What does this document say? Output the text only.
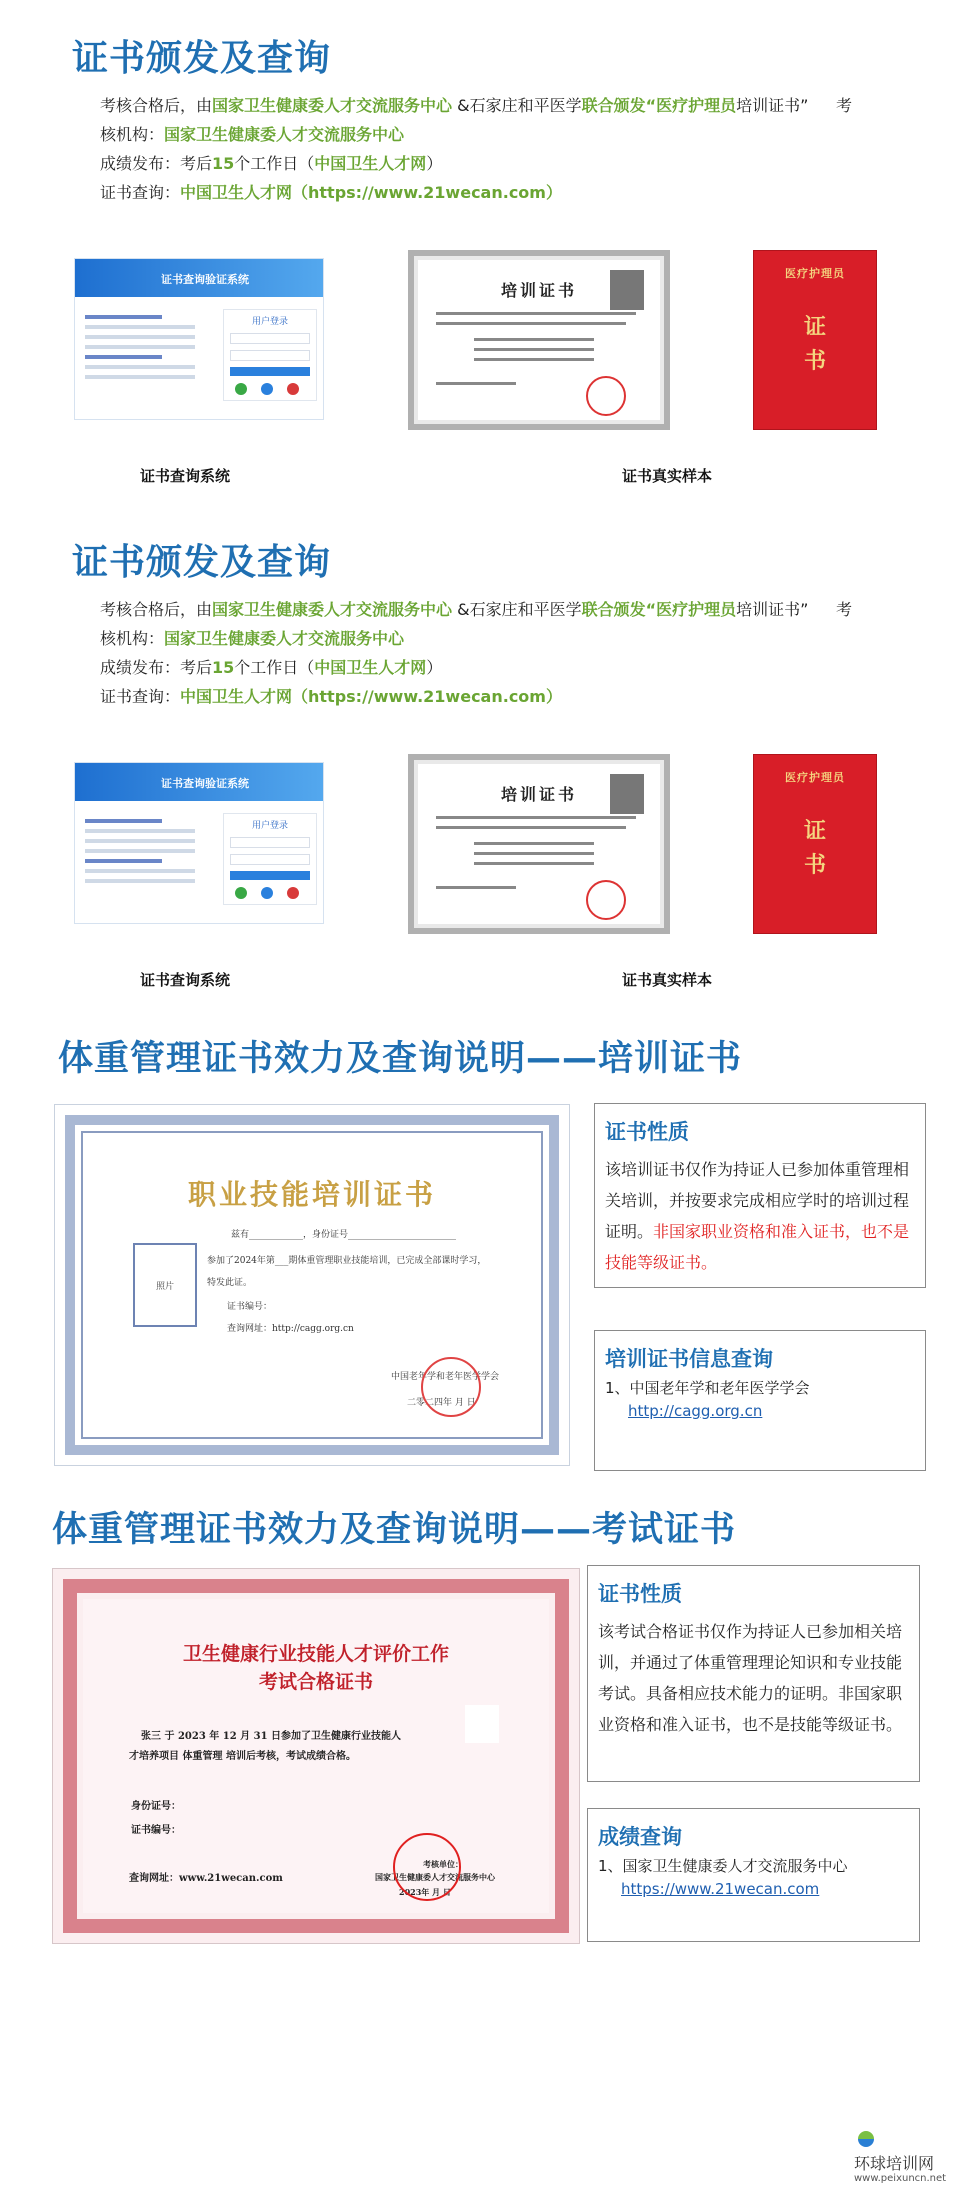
证书颁发及查询
考核合格后，由国家卫生健康委人才交流服务中心 &石家庄和平医学联合颁发“医疗护理员培训证书” 考
核机构：国家卫生健康委人才交流服务中心
成绩发布：考后15个工作日（中国卫生人才网）
证书查询：中国卫生人才网（https://www.21wecan.com）
证书查询验证系统
用户登录
培训证书
医疗护理员
证书
证书查询系统	证书真实样本
证书颁发及查询
考核合格后，由国家卫生健康委人才交流服务中心 &石家庄和平医学联合颁发“医疗护理员培训证书” 考
核机构：国家卫生健康委人才交流服务中心
成绩发布：考后15个工作日（中国卫生人才网）
证书查询：中国卫生人才网（https://www.21wecan.com）
证书查询验证系统
用户登录
培训证书
医疗护理员
证书
证书查询系统	证书真实样本
体重管理证书效力及查询说明——培训证书
职业技能培训证书
照片
兹有____________，身份证号________________________
参加了2024年第___期体重管理职业技能培训，已完成全部课时学习，
特发此证。
证书编号：
查询网址：http://cagg.org.cn
中国老年学和老年医学学会
二零二四年 月 日
证书性质
该培训证书仅作为持证人已参加体重管理相关培训，并按要求完成相应学时的培训过程证明。非国家职业资格和准入证书，也不是技能等级证书。
培训证书信息查询
1、中国老年学和老年医学学会
http://cagg.org.cn
体重管理证书效力及查询说明——考试证书
卫生健康行业技能人才评价工作
考试合格证书
张三 于 2023 年 12 月 31 日参加了卫生健康行业技能人
才培养项目 体重管理 培训后考核，考试成绩合格。
身份证号：
证书编号：
查询网址：www.21wecan.com
考核单位：
国家卫生健康委人才交流服务中心
2023年 月 日
证书性质
该考试合格证书仅作为持证人已参加相关培训，并通过了体重管理理论知识和专业技能考试。具备相应技术能力的证明。非国家职业资格和准入证书，也不是技能等级证书。
成绩查询
1、国家卫生健康委人才交流服务中心
https://www.21wecan.com
环球培训网
www.peixuncn.net
